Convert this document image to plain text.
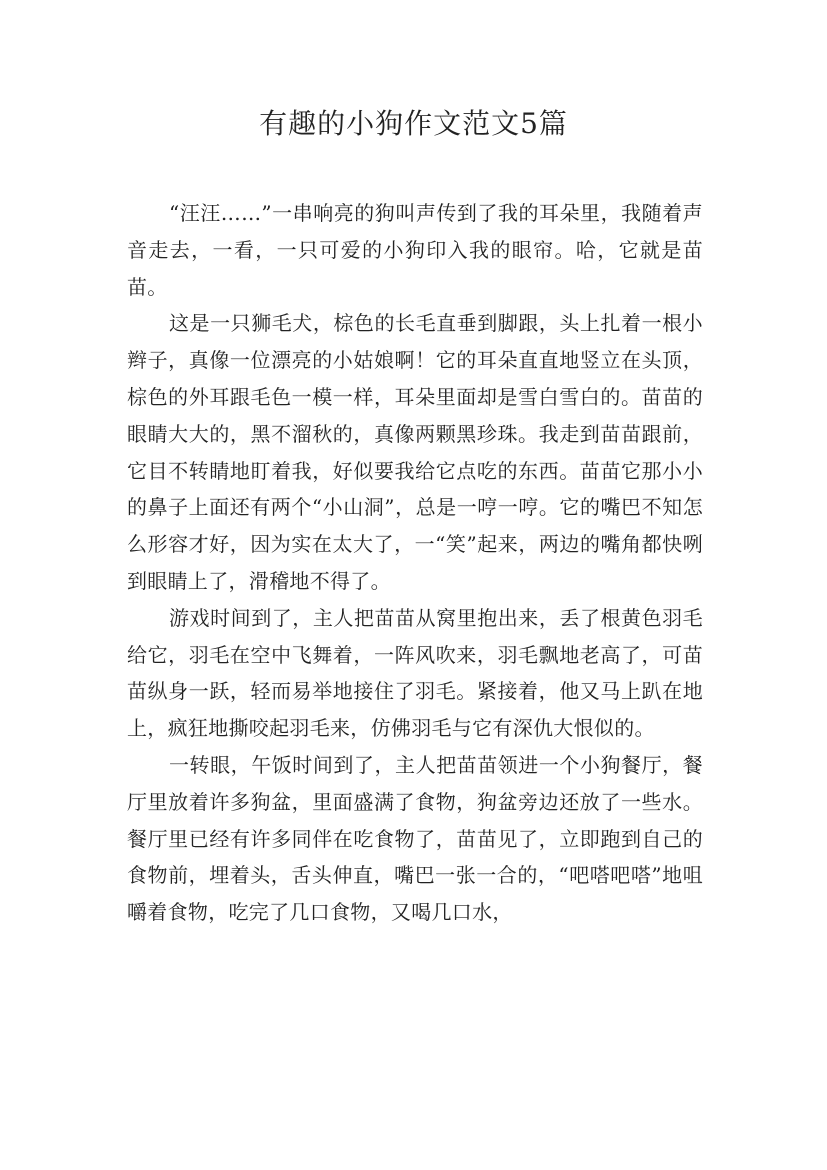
有趣的小狗作文范文5篇

“汪汪……”一串响亮的狗叫声传到了我的耳朵里，我随着声音走去，一看，一只可爱的小狗印入我的眼帘。哈，它就是苗苗。

这是一只狮毛犬，棕色的长毛直垂到脚跟，头上扎着一根小辫子，真像一位漂亮的小姑娘啊！它的耳朵直直地竖立在头顶，棕色的外耳跟毛色一模一样，耳朵里面却是雪白雪白的。苗苗的眼睛大大的，黑不溜秋的，真像两颗黑珍珠。我走到苗苗跟前，它目不转睛地盯着我，好似要我给它点吃的东西。苗苗它那小小的鼻子上面还有两个“小山洞”，总是一哼一哼。它的嘴巴不知怎么形容才好，因为实在太大了，一“笑”起来，两边的嘴角都快咧到眼睛上了，滑稽地不得了。

游戏时间到了，主人把苗苗从窝里抱出来，丢了根黄色羽毛给它，羽毛在空中飞舞着，一阵风吹来，羽毛飘地老高了，可苗苗纵身一跃，轻而易举地接住了羽毛。紧接着，他又马上趴在地上，疯狂地撕咬起羽毛来，仿佛羽毛与它有深仇大恨似的。

一转眼，午饭时间到了，主人把苗苗领进一个小狗餐厅，餐厅里放着许多狗盆，里面盛满了食物，狗盆旁边还放了一些水。餐厅里已经有许多同伴在吃食物了，苗苗见了，立即跑到自己的食物前，埋着头，舌头伸直，嘴巴一张一合的，“吧嗒吧嗒”地咀嚼着食物，吃完了几口食物，又喝几口水，
